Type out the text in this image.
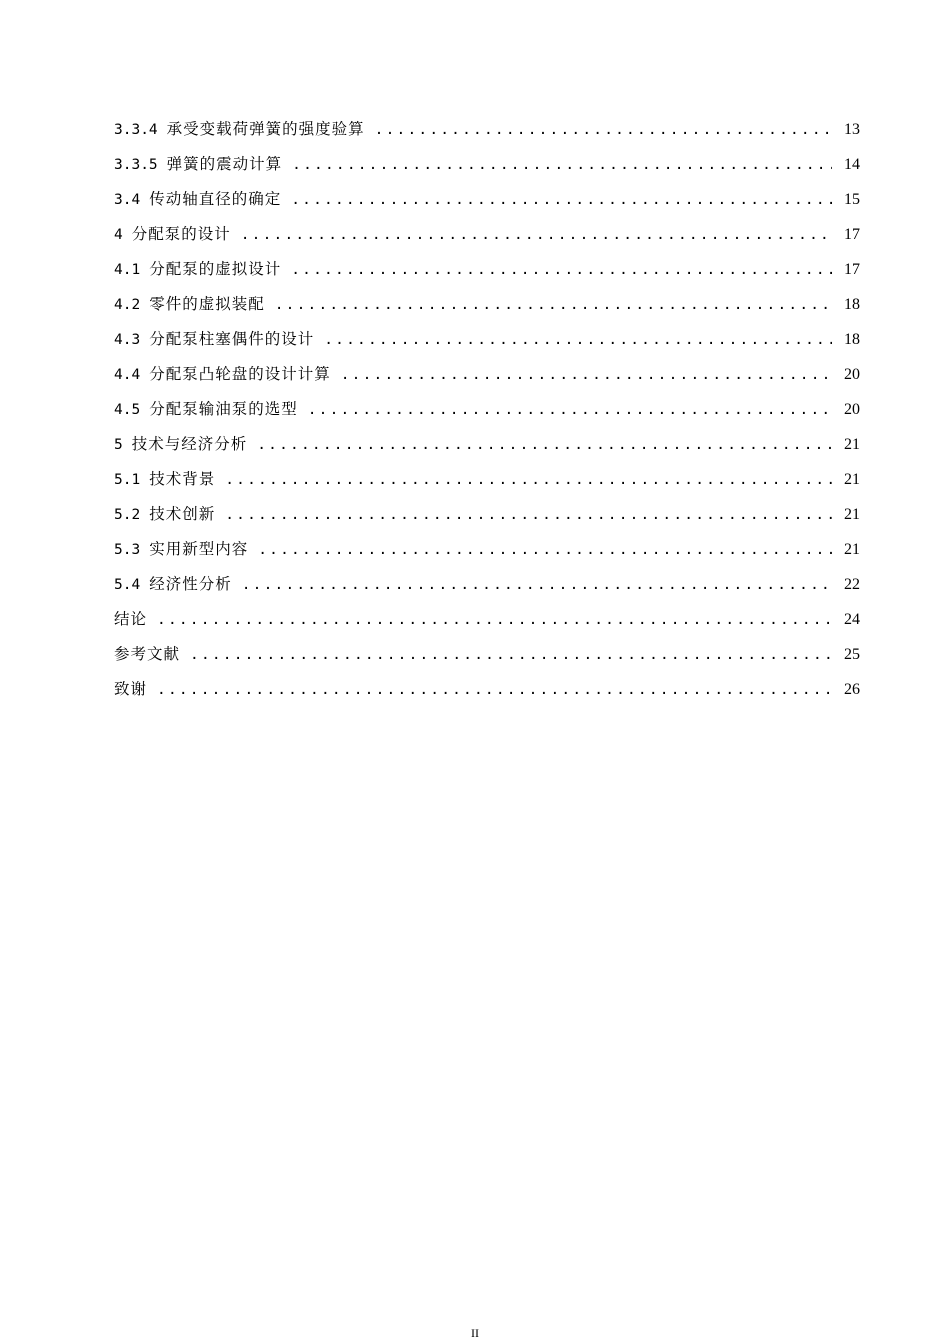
3.3.4 承受变载荷弹簧的强度验算 .....	13
3.3.5 弹簧的震动计算 .....	14
3.4 传动轴直径的确定 .....	15
4 分配泵的设计 .....	17
4.1 分配泵的虚拟设计 .....	17
4.2 零件的虚拟装配 .....	18
4.3 分配泵柱塞偶件的设计 .....	18
4.4 分配泵凸轮盘的设计计算 .....	20
4.5 分配泵输油泵的选型 .....	20
5 技术与经济分析 .....	21
5.1 技术背景 .....	21
5.2 技术创新 .....	21
5.3 实用新型内容 .....	21
5.4 经济性分析 .....	22
结论 .....	24
参考文献 .....	25
致谢 .....	26
II
